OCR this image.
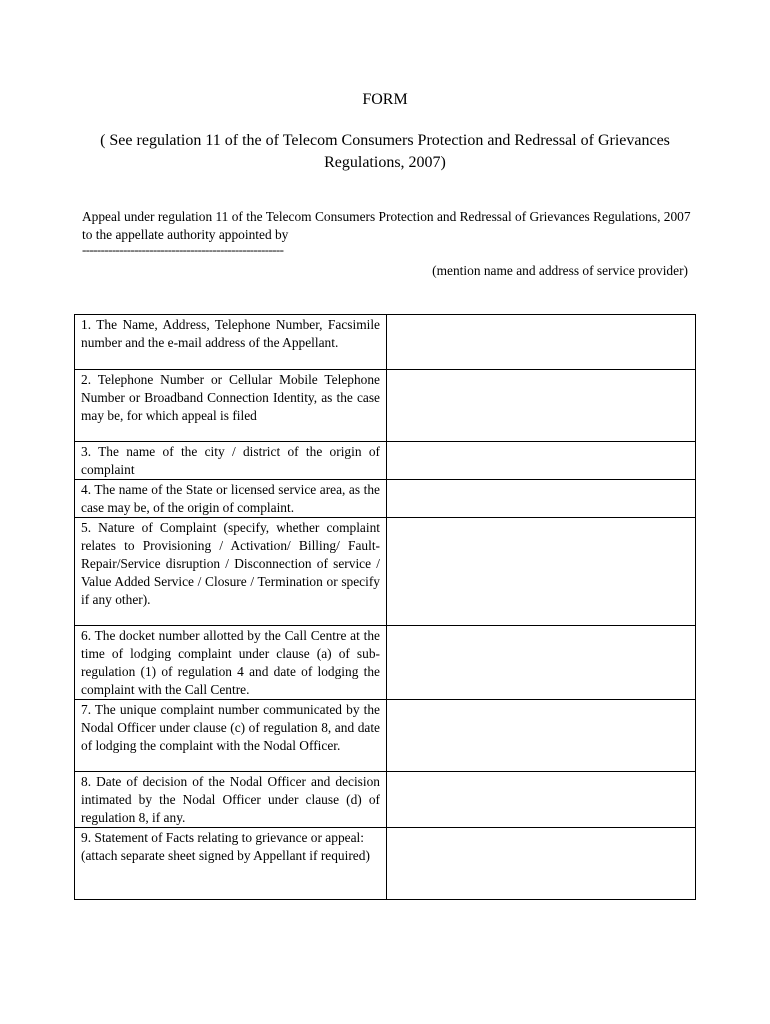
FORM
( See regulation 11 of the of Telecom Consumers Protection and Redressal of Grievances Regulations, 2007)
Appeal under regulation 11 of the Telecom Consumers Protection and Redressal of Grievances Regulations, 2007 to the appellate authority appointed by
------------------------------------------------------
(mention name and address of service provider)
1. The Name, Address, Telephone Number, Facsimile number and the e-mail address of the Appellant.	
2. Telephone Number or Cellular Mobile Telephone Number or Broadband Connection Identity, as the case may be, for which appeal is filed	
3. The name of the city / district of the origin of complaint	
4. The name of the State or licensed service area, as the case may be, of the origin of complaint.	
5. Nature of Complaint (specify, whether complaint relates to Provisioning / Activation/ Billing/ Fault-Repair/Service disruption / Disconnection of service / Value Added Service / Closure / Termination or specify if any other).	
6. The docket number allotted by the Call Centre at the time of lodging complaint under clause (a) of sub-regulation (1) of regulation 4 and date of lodging the complaint with the Call Centre.	
7. The unique complaint number communicated by the Nodal Officer under clause (c) of regulation 8, and date of lodging the complaint with the Nodal Officer.	
8. Date of decision of the Nodal Officer and decision intimated by the Nodal Officer under clause (d) of regulation 8, if any.	

9. Statement of Facts relating to grievance or appeal:
(attach separate sheet signed by Appellant if required)	
